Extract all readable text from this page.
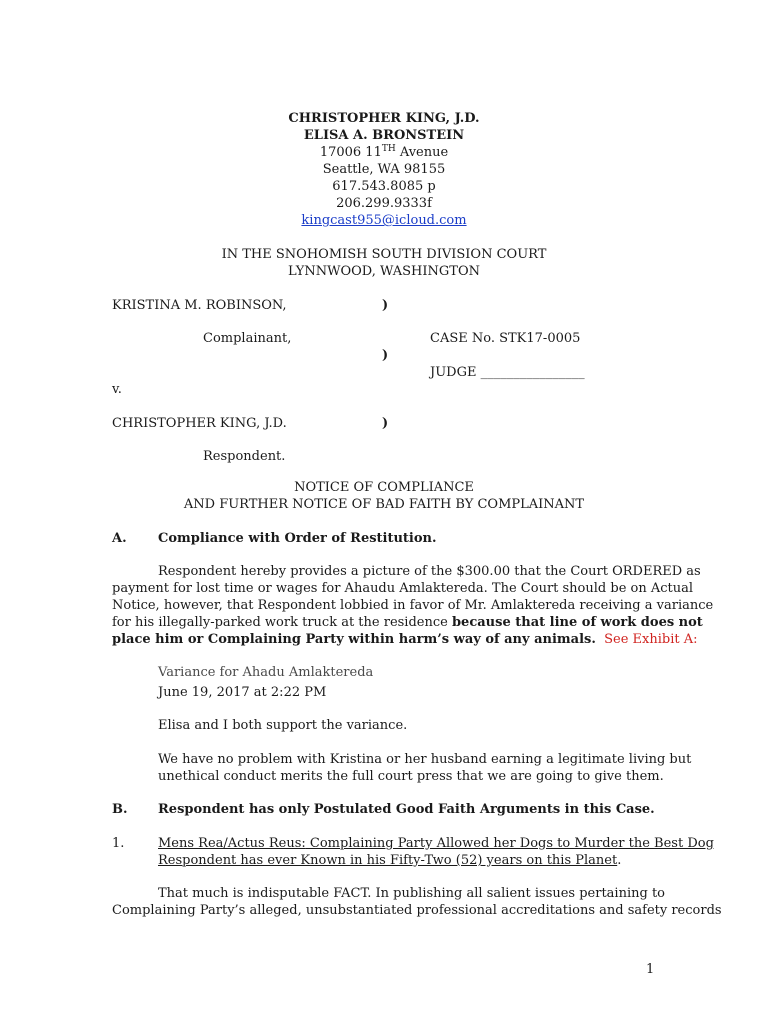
CHRISTOPHER KING, J.D.
ELISA A. BRONSTEIN
17006 11TH Avenue
Seattle, WA 98155
617.543.8085 p
206.299.9333f
kingcast955@icloud.com
IN THE SNOHOMISH SOUTH DIVISION COURT
LYNNWOOD, WASHINGTON
KRISTINA M. ROBINSON,	)
Complainant,	CASE No. STK17-0005
)
JUDGE ________________
v.
CHRISTOPHER KING, J.D.	)
Respondent.
NOTICE OF COMPLIANCE
AND FURTHER NOTICE OF BAD FAITH BY COMPLAINANT
A. Compliance with Order of Restitution.
Respondent hereby provides a picture of the $300.00 that the Court ORDERED as
payment for lost time or wages for Ahaudu Amlaktereda. The Court should be on Actual
Notice, however, that Respondent lobbied in favor of Mr. Amlaktereda receiving a variance
for his illegally-parked work truck at the residence because that line of work does not
place him or Complaining Party within harm’s way of any animals. See Exhibit A:
Variance for Ahadu Amlaktereda
June 19, 2017 at 2:22 PM
Elisa and I both support the variance.
We have no problem with Kristina or her husband earning a legitimate living but
unethical conduct merits the full court press that we are going to give them.
B. Respondent has only Postulated Good Faith Arguments in this Case.
1.	Mens Rea/Actus Reus: Complaining Party Allowed her Dogs to Murder the Best Dog
Respondent has ever Known in his Fifty-Two (52) years on this Planet.
That much is indisputable FACT. In publishing all salient issues pertaining to
Complaining Party’s alleged, unsubstantiated professional accreditations and safety records
1
